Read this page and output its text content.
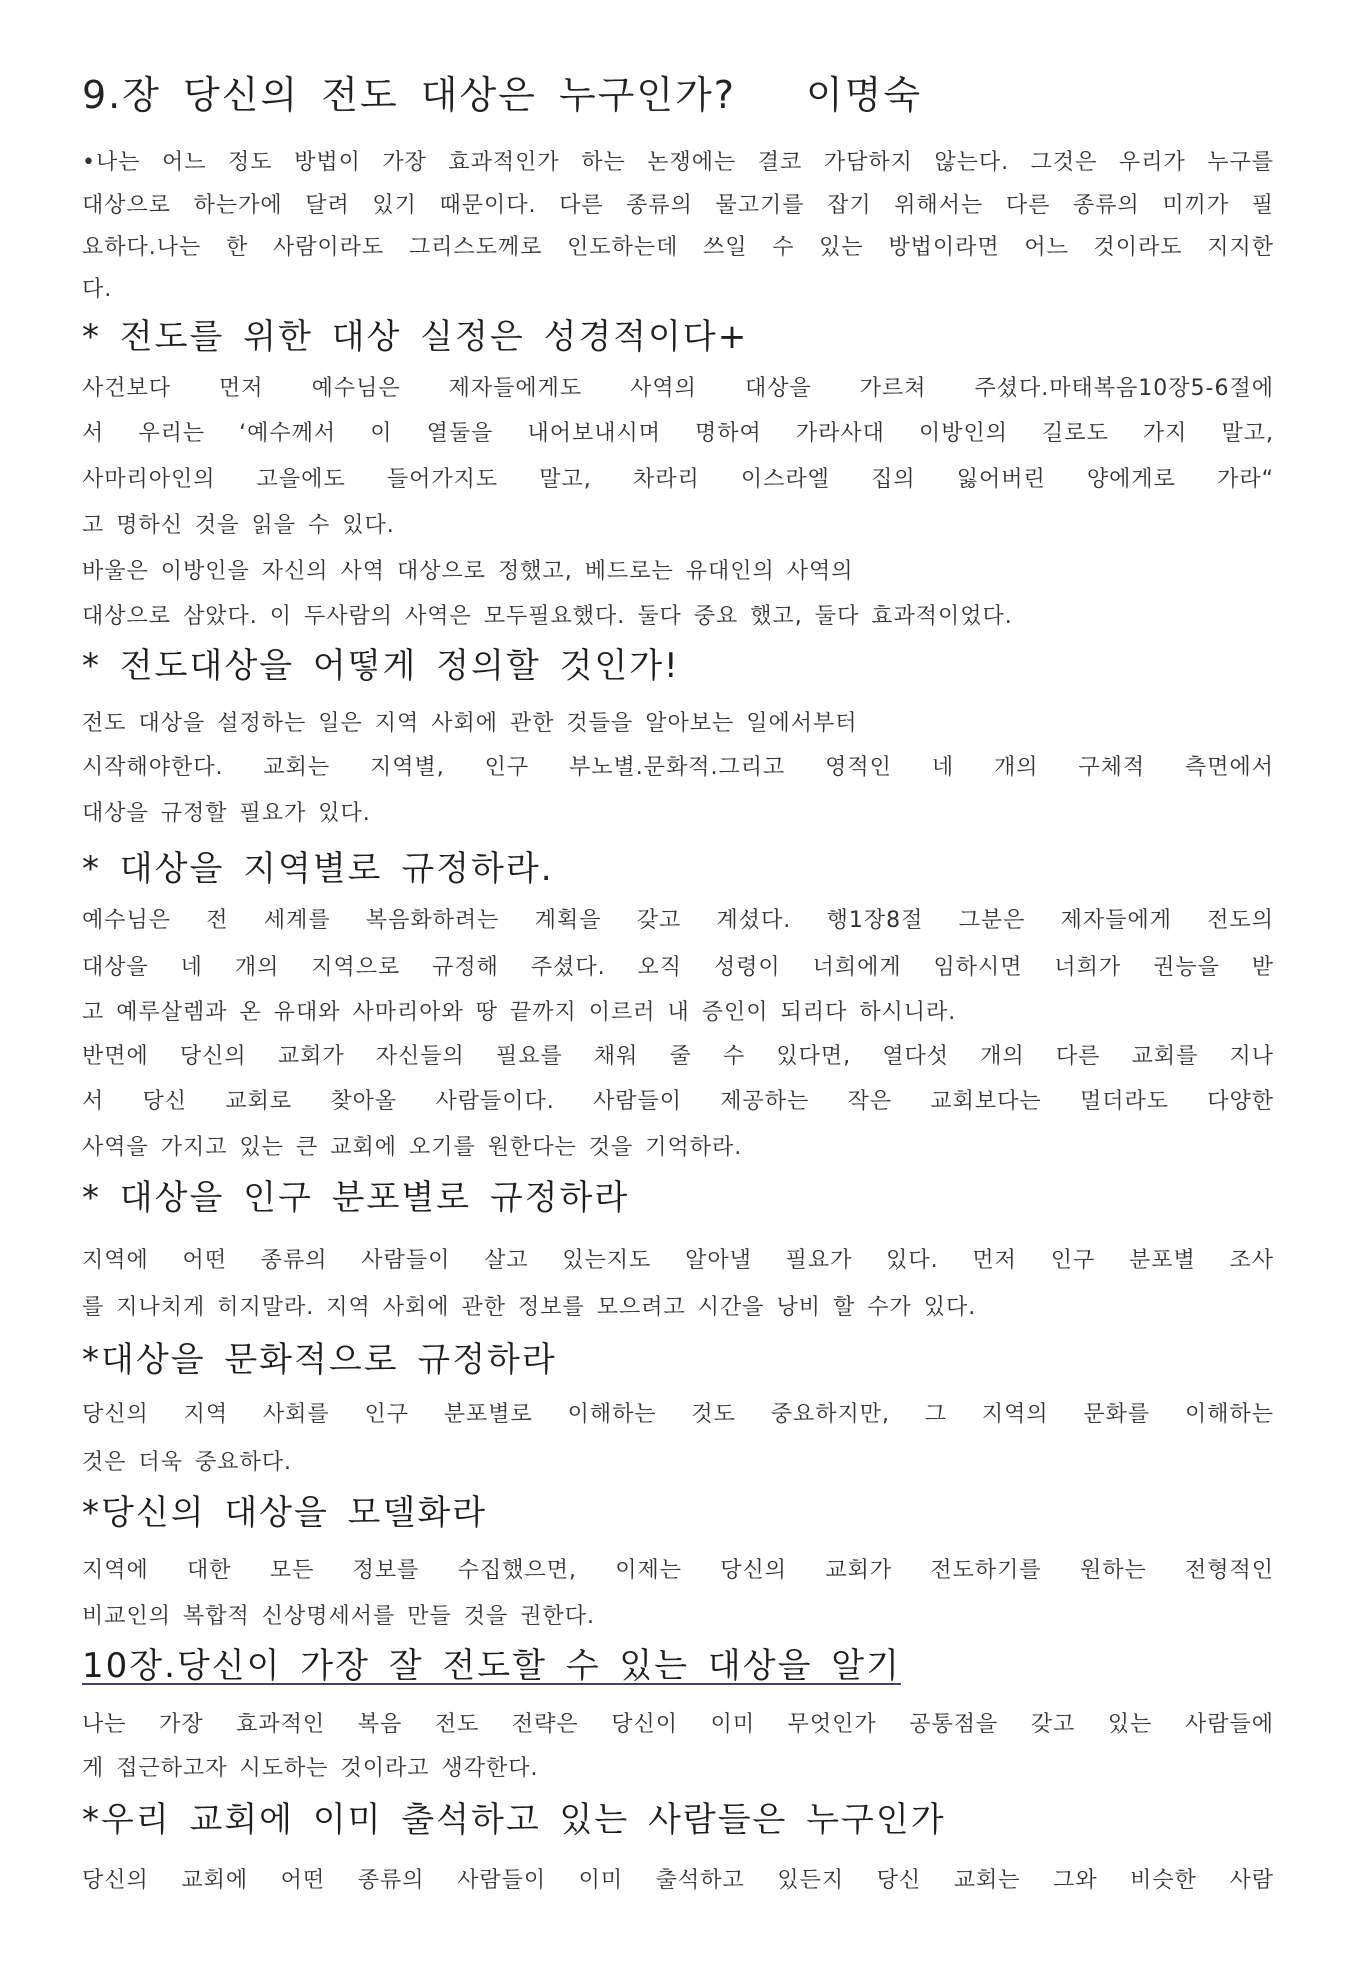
9.장 당신의 전도 대상은 누구인가? 이명숙
•나는 어느 정도 방법이 가장 효과적인가 하는 논쟁에는 결코 가담하지 않는다. 그것은 우리가 누구를
대상으로 하는가에 달려 있기 때문이다. 다른 종류의 물고기를 잡기 위해서는 다른 종류의 미끼가 필
요하다.나는 한 사람이라도 그리스도께로 인도하는데 쓰일 수 있는 방법이라면 어느 것이라도 지지한
다.
* 전도를 위한 대상 실정은 성경적이다+
사건보다 먼저 예수님은 제자들에게도 사역의 대상을 가르쳐 주셨다.마태복음10장5-6절에
서 우리는 ‘예수께서 이 열둘을 내어보내시며 명하여 가라사대 이방인의 길로도 가지 말고,
사마리아인의 고을에도 들어가지도 말고, 차라리 이스라엘 집의 잃어버린 양에게로 가라“
고 명하신 것을 읽을 수 있다.
바울은 이방인을 자신의 사역 대상으로 정했고, 베드로는 유대인의 사역의
대상으로 삼았다. 이 두사람의 사역은 모두필요했다. 둘다 중요 했고, 둘다 효과적이었다.
* 전도대상을 어떻게 정의할 것인가!
전도 대상을 설정하는 일은 지역 사회에 관한 것들을 알아보는 일에서부터
시작해야한다. 교회는 지역별, 인구 부노별.문화적.그리고 영적인 네 개의 구체적 측면에서
대상을 규정할 필요가 있다.
* 대상을 지역별로 규정하라.
예수님은 전 세계를 복음화하려는 계획을 갖고 계셨다. 행1장8절 그분은 제자들에게 전도의
대상을 네 개의 지역으로 규정해 주셨다. 오직 성령이 너희에게 임하시면 너희가 권능을 받
고 예루살렘과 온 유대와 사마리아와 땅 끝까지 이르러 내 증인이 되리다 하시니라.
반면에 당신의 교회가 자신들의 필요를 채워 줄 수 있다면, 열다섯 개의 다른 교회를 지나
서 당신 교회로 찾아올 사람들이다. 사람들이 제공하는 작은 교회보다는 멀더라도 다양한
사역을 가지고 있는 큰 교회에 오기를 원한다는 것을 기억하라.
* 대상을 인구 분포별로 규정하라
지역에 어떤 종류의 사람들이 살고 있는지도 알아낼 필요가 있다. 먼저 인구 분포별 조사
를 지나치게 히지말라. 지역 사회에 관한 정보를 모으려고 시간을 낭비 할 수가 있다.
*대상을 문화적으로 규정하라
당신의 지역 사회를 인구 분포별로 이해하는 것도 중요하지만, 그 지역의 문화를 이해하는
것은 더욱 중요하다.
*당신의 대상을 모델화라
지역에 대한 모든 정보를 수집했으면, 이제는 당신의 교회가 전도하기를 원하는 전형적인
비교인의 복합적 신상명세서를 만들 것을 권한다.
10장.당신이 가장 잘 전도할 수 있는 대상을 알기
나는 가장 효과적인 복음 전도 전략은 당신이 이미 무엇인가 공통점을 갖고 있는 사람들에
게 접근하고자 시도하는 것이라고 생각한다.
*우리 교회에 이미 출석하고 있는 사람들은 누구인가
당신의 교회에 어떤 종류의 사람들이 이미 출석하고 있든지 당신 교회는 그와 비슷한 사람
